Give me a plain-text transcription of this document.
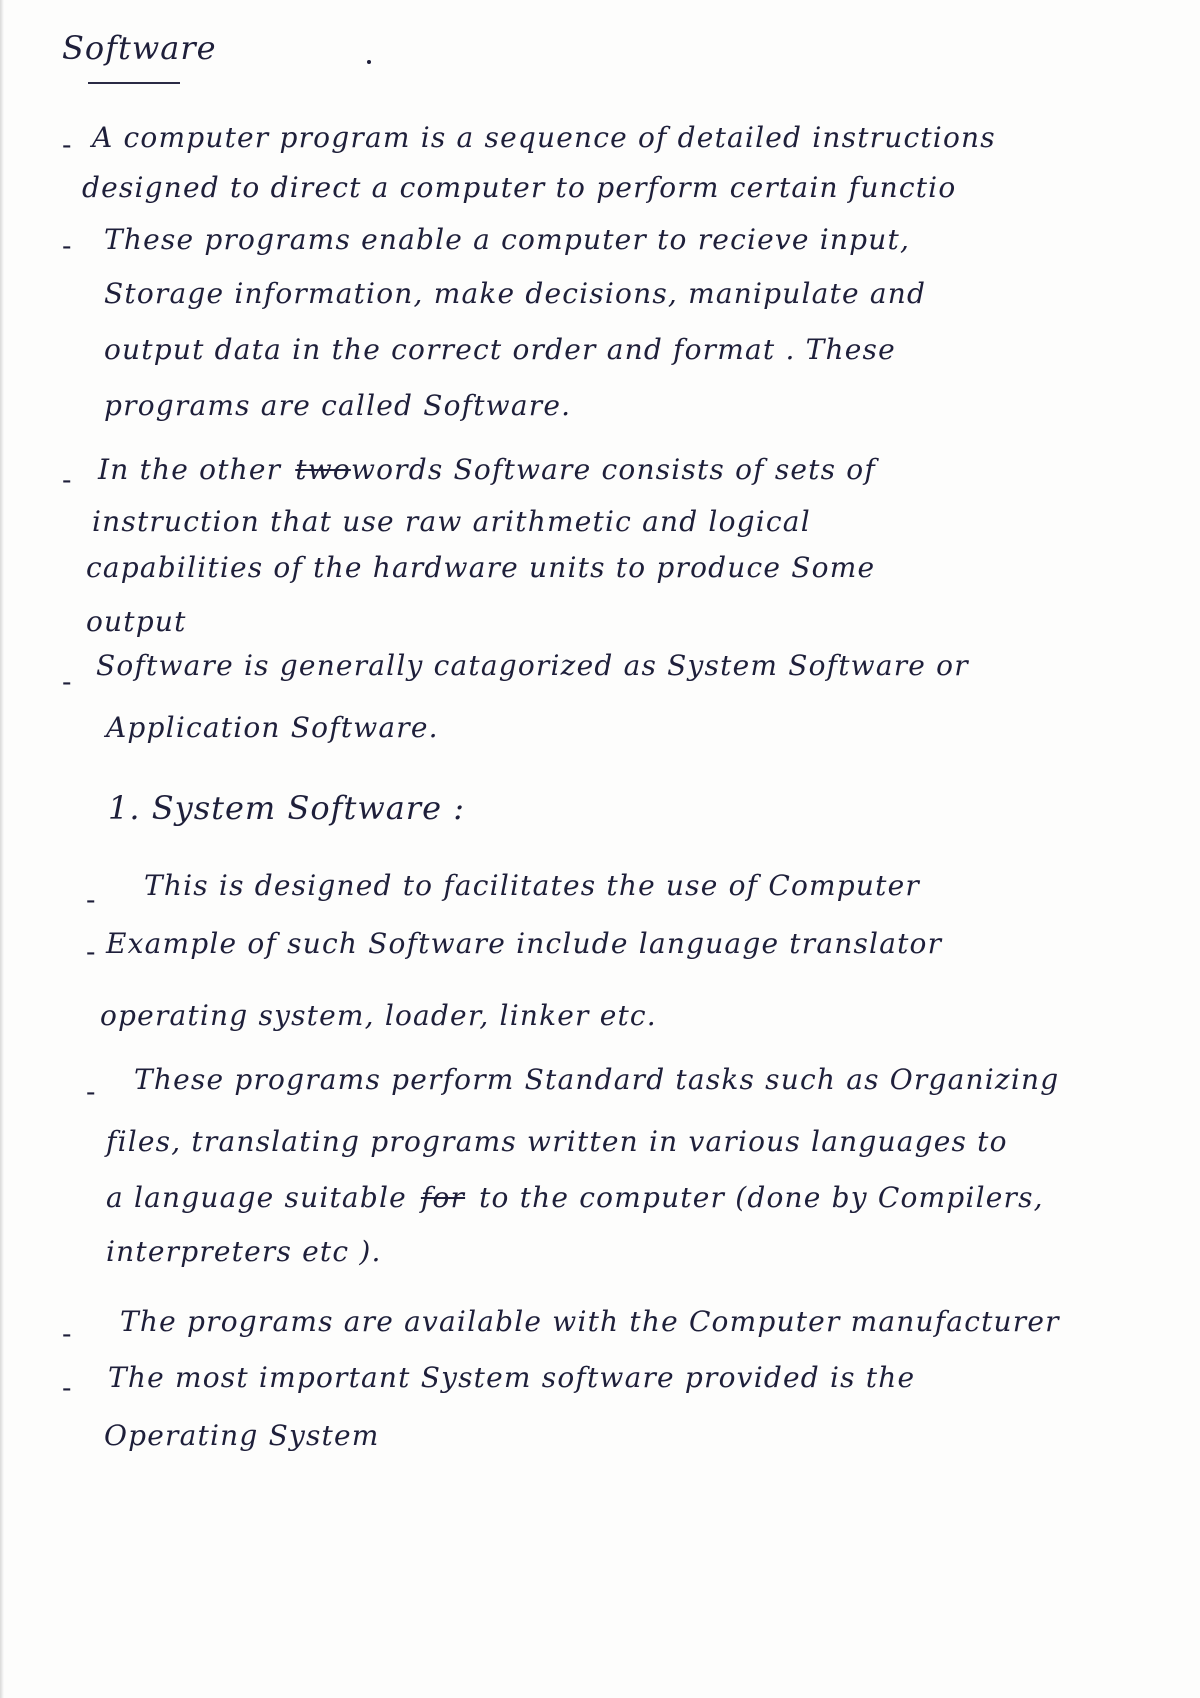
Software
- A computer program is a sequence of detailed instructions
designed to direct a computer to perform certain functio
- These programs enable a computer to recieve input,
Storage information, make decisions, manipulate and
output data in the correct order and format . These
programs are called Software.
- In the other twowords Software consists of sets of
instruction that use raw arithmetic and logical
capabilities of the hardware units to produce Some
output
- Software is generally catagorized as System Software or
Application Software.
1. System Software :
- This is designed to facilitates the use of Computer
- Example of such Software include language translator
operating system, loader, linker etc.
- These programs perform Standard tasks such as Organizing
files, translating programs written in various languages to
a language suitable for to the computer (done by Compilers,
interpreters etc ).
- The programs are available with the Computer manufacturer
- The most important System software provided is the
Operating System
